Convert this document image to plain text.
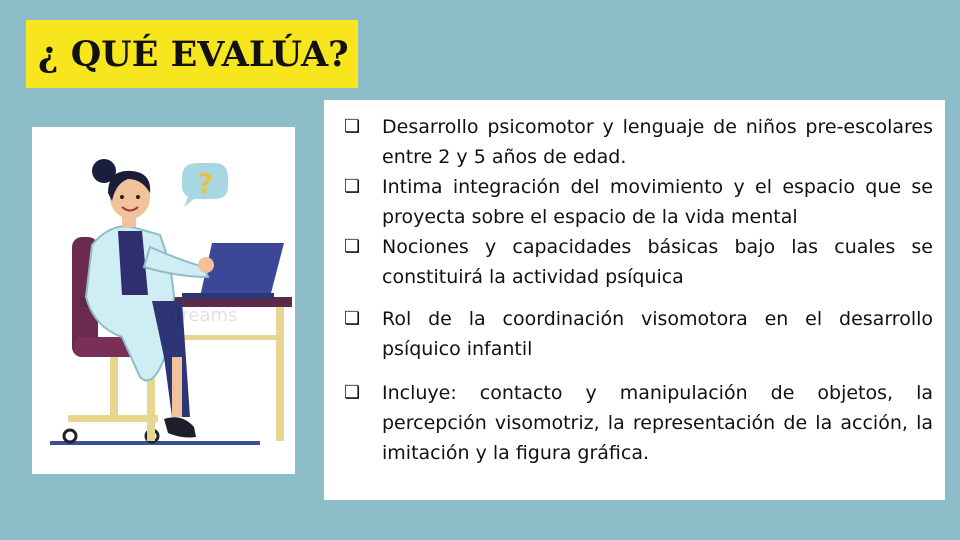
¿ QUÉ EVALÚA?
?
dreams
❏	Desarrollo psicomotor y lenguaje de niños pre-escolares entre 2 y 5 años de edad.
❏	Intima integración del movimiento y el espacio que se proyecta sobre el espacio de la vida mental
❏	Nociones y capacidades básicas bajo las cuales se constituirá la actividad psíquica
❏	Rol de la coordinación visomotora en el desarrollo psíquico infantil
❏	Incluye: contacto y manipulación de objetos, la percepción visomotriz, la representación de la acción, la imitación y la figura gráfica.
